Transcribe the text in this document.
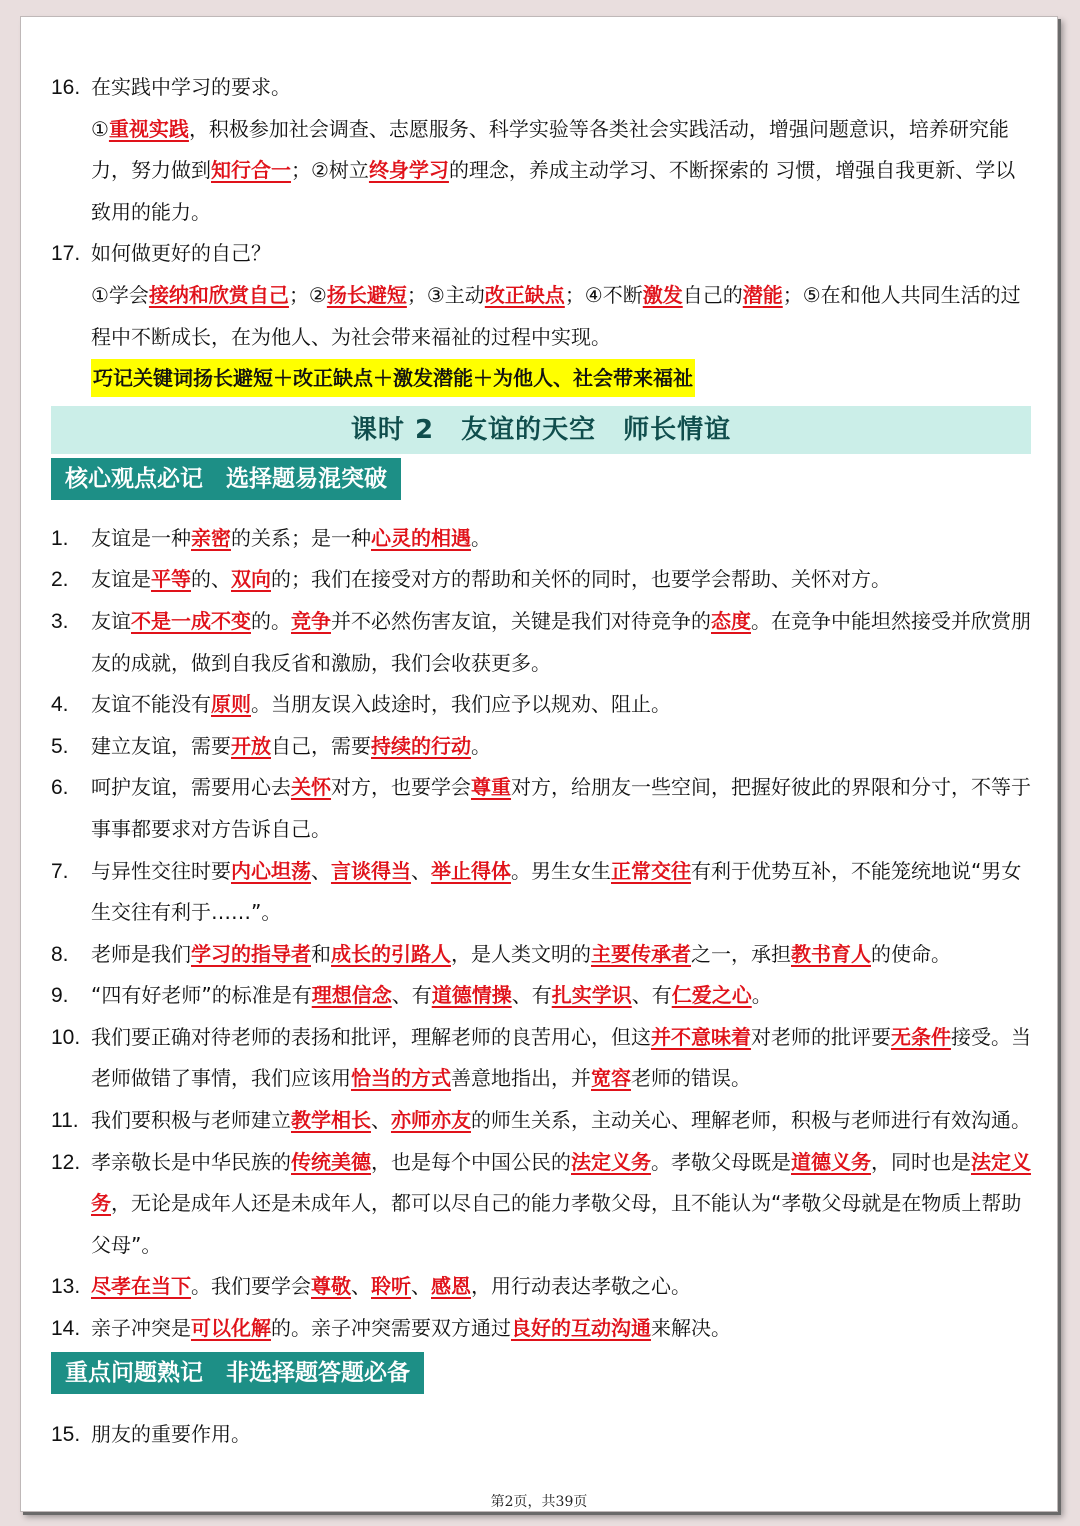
16. 在实践中学习的要求。
①重视实践，积极参加社会调查、志愿服务、科学实验等各类社会实践活动，增强问题意识，培养研究能力，努力做到知行合一；②树立终身学习的理念，养成主动学习、不断探索的 习惯，增强自我更新、学以致用的能力。
17. 如何做更好的自己？
①学会接纳和欣赏自己；②扬长避短；③主动改正缺点；④不断激发自己的潜能；⑤在和他人共同生活的过程中不断成长，在为他人、为社会带来福祉的过程中实现。
巧记关键词扬长避短＋改正缺点＋激发潜能＋为他人、社会带来福祉
课时 2　友谊的天空　师长情谊
核心观点必记　选择题易混突破
1.	友谊是一种亲密的关系；是一种心灵的相遇。
2.	友谊是平等的、双向的；我们在接受对方的帮助和关怀的同时，也要学会帮助、关怀对方。
3.	友谊不是一成不变的。竞争并不必然伤害友谊，关键是我们对待竞争的态度。在竞争中能坦然接受并欣赏朋友的成就，做到自我反省和激励，我们会收获更多。
4.	友谊不能没有原则。当朋友误入歧途时，我们应予以规劝、阻止。
5.	建立友谊，需要开放自己，需要持续的行动。
6.	呵护友谊，需要用心去关怀对方，也要学会尊重对方，给朋友一些空间，把握好彼此的界限和分寸，不等于事事都要求对方告诉自己。
7.	与异性交往时要内心坦荡、言谈得当、举止得体。男生女生正常交往有利于优势互补，不能笼统地说“男女生交往有利于……”。
8.	老师是我们学习的指导者和成长的引路人，是人类文明的主要传承者之一，承担教书育人的使命。
9.	“四有好老师”的标准是有理想信念、有道德情操、有扎实学识、有仁爱之心。
10. 我们要正确对待老师的表扬和批评，理解老师的良苦用心，但这并不意味着对老师的批评要无条件接受。当老师做错了事情，我们应该用恰当的方式善意地指出，并宽容老师的错误。
11. 我们要积极与老师建立教学相长、亦师亦友的师生关系，主动关心、理解老师，积极与老师进行有效沟通。
12. 孝亲敬长是中华民族的传统美德，也是每个中国公民的法定义务。孝敬父母既是道德义务，同时也是法定义务，无论是成年人还是未成年人，都可以尽自己的能力孝敬父母，且不能认为“孝敬父母就是在物质上帮助父母”。
13. 尽孝在当下。我们要学会尊敬、聆听、感恩，用行动表达孝敬之心。
14. 亲子冲突是可以化解的。亲子冲突需要双方通过良好的互动沟通来解决。
重点问题熟记　非选择题答题必备
15. 朋友的重要作用。
第2页，共39页
